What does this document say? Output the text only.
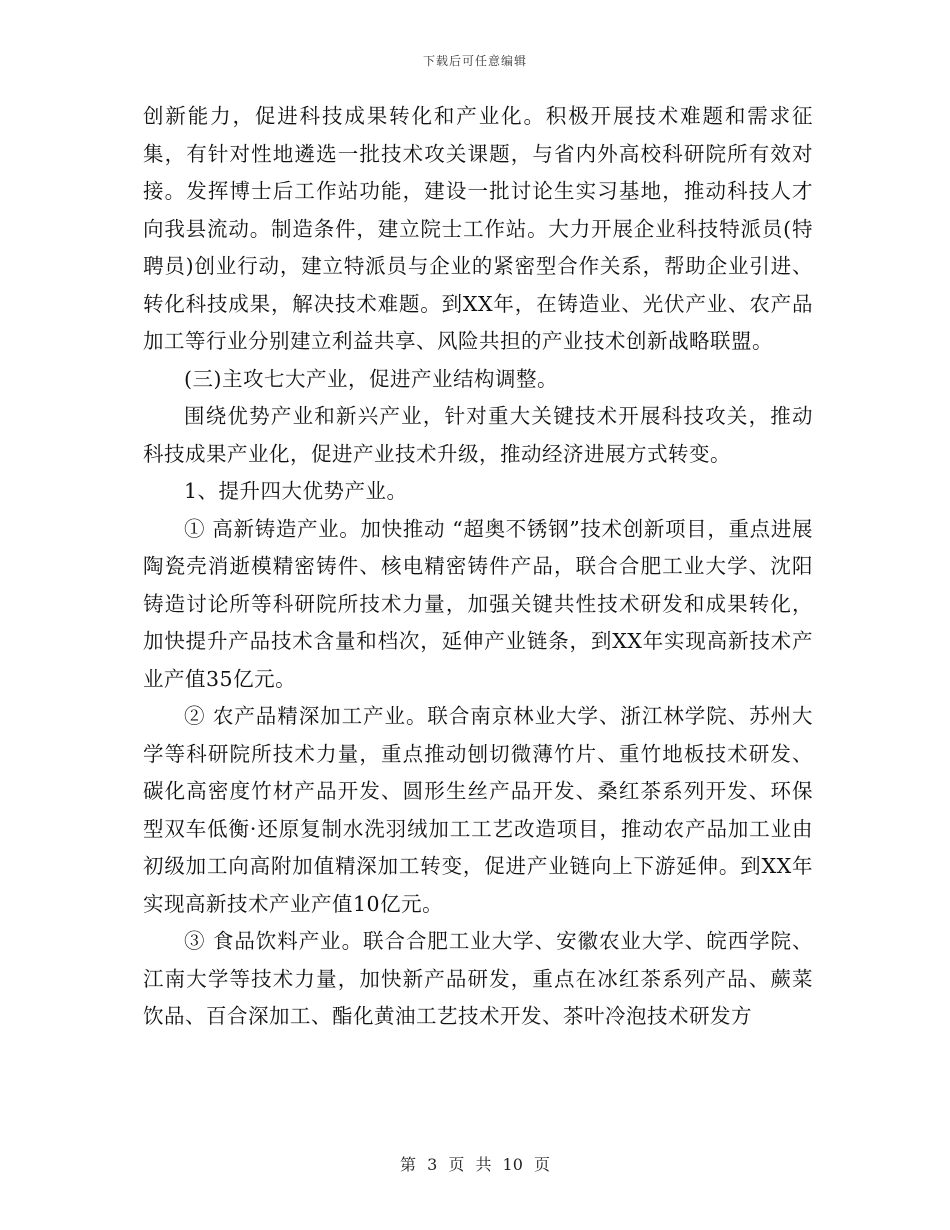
下载后可任意编辑

创新能力，促进科技成果转化和产业化。积极开展技术难题和需求征集，有针对性地遴选一批技术攻关课题，与省内外高校科研院所有效对接。发挥博士后工作站功能，建设一批讨论生实习基地，推动科技人才向我县流动。制造条件，建立院士工作站。大力开展企业科技特派员(特聘员)创业行动，建立特派员与企业的紧密型合作关系，帮助企业引进、转化科技成果，解决技术难题。到XX年，在铸造业、光伏产业、农产品加工等行业分别建立利益共享、风险共担的产业技术创新战略联盟。

(三)主攻七大产业，促进产业结构调整。

围绕优势产业和新兴产业，针对重大关键技术开展科技攻关，推动科技成果产业化，促进产业技术升级，推动经济进展方式转变。

1、提升四大优势产业。

① 高新铸造产业。加快推动 “超奥不锈钢”技术创新项目，重点进展陶瓷壳消逝模精密铸件、核电精密铸件产品，联合合肥工业大学、沈阳铸造讨论所等科研院所技术力量，加强关键共性技术研发和成果转化，加快提升产品技术含量和档次，延伸产业链条，到XX年实现高新技术产业产值35亿元。

② 农产品精深加工产业。联合南京林业大学、浙江林学院、苏州大学等科研院所技术力量，重点推动刨切微薄竹片、重竹地板技术研发、碳化高密度竹材产品开发、圆形生丝产品开发、桑红茶系列开发、环保型双车低衡·还原复制水洗羽绒加工工艺改造项目，推动农产品加工业由初级加工向高附加值精深加工转变，促进产业链向上下游延伸。到XX年实现高新技术产业产值10亿元。

③ 食品饮料产业。联合合肥工业大学、安徽农业大学、皖西学院、江南大学等技术力量，加快新产品研发，重点在冰红茶系列产品、蕨菜饮品、百合深加工、酯化黄油工艺技术开发、茶叶冷泡技术研发方

第 3 页 共 10 页
